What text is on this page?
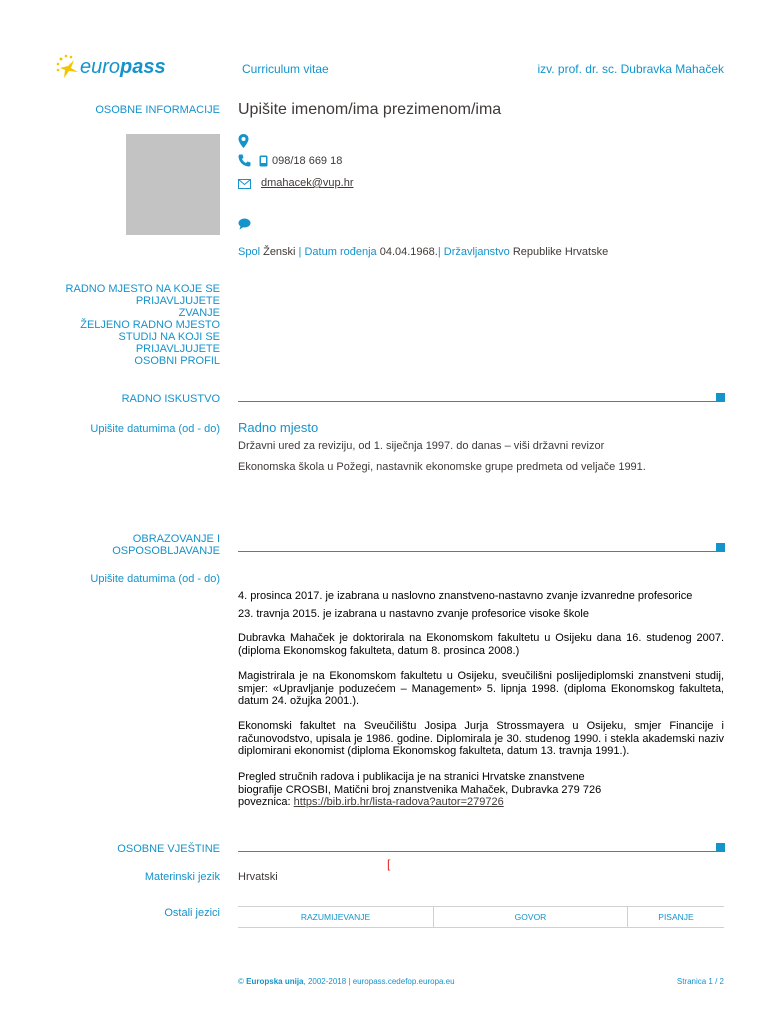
europass	Curriculum vitae	izv. prof. dr. sc. Dubravka Mahaček
OSOBNE INFORMACIJE Upišite imenom/ima prezimenom/ima
098/18 669 18
dmahacek@vup.hr
Spol Ženski | Datum rođenja 04.04.1968.| Državljanstvo Republike Hrvatske
RADNO MJESTO NA KOJE SE
PRIJAVLJUJETE
ZVANJE
ŽELJENO RADNO MJESTO
STUDIJ NA KOJI SE
PRIJAVLJUJETE
OSOBNI PROFIL
RADNO ISKUSTVO
Upišite datumima (od - do) Radno mjesto
Državni ured za reviziju, od 1. siječnja 1997. do danas – viši državni revizor
Ekonomska škola u Požegi, nastavnik ekonomske grupe predmeta od veljače 1991.
OBRAZOVANJE I
OSPOSOBLJAVANJE
Upišite datumima (od - do)
4. prosinca 2017. je izabrana u naslovno znanstveno-nastavno zvanje izvanredne profesorice
23. travnja 2015. je izabrana u nastavno zvanje profesorice visoke škole
Dubravka Mahaček je doktorirala na Ekonomskom fakultetu u Osijeku dana 16. studenog 2007. (diploma Ekonomskog fakulteta, datum 8. prosinca 2008.)
Magistrirala je na Ekonomskom fakultetu u Osijeku, sveučilišni poslijediplomski znanstveni studij, smjer: «Upravljanje poduzećem – Management» 5. lipnja 1998. (diploma Ekonomskog fakulteta, datum 24. ožujka 2001.).
Ekonomski fakultet na Sveučilištu Josipa Jurja Strossmayera u Osijeku, smjer Financije i računovodstvo, upisala je 1986. godine. Diplomirala je 30. studenog 1990. i stekla akademski naziv diplomirani ekonomist (diploma Ekonomskog fakulteta, datum 13. travnja 1991.).
Pregled stručnih radova i publikacija je na stranici Hrvatske znanstvene biografije CROSBI, Matični broj znanstvenika Mahaček, Dubravka 279 726 poveznica: https://bib.irb.hr/lista-radova?autor=279726
OSOBNE VJEŠTINE
[
Materinski jezik Hrvatski
Ostali jezici	RAZUMIJEVANJE	GOVOR	PISANJE
© Europska unija, 2002-2018 | europass.cedefop.europa.eu	Stranica 1 / 2
